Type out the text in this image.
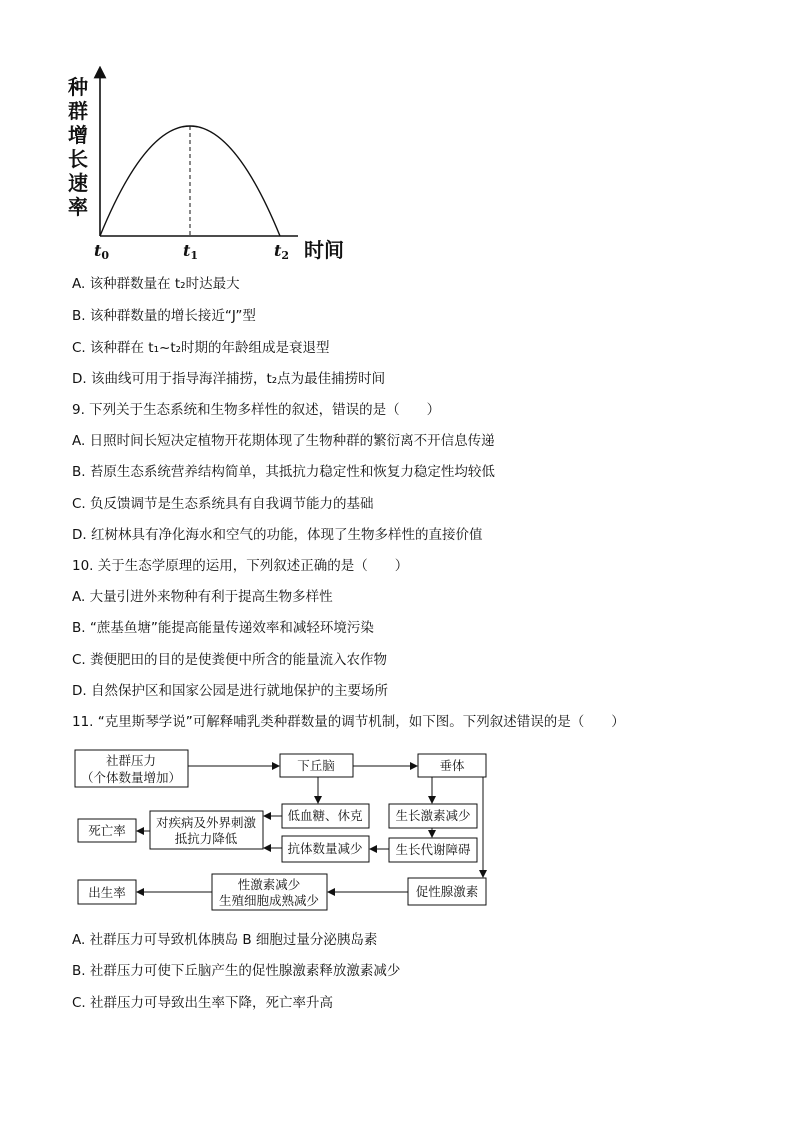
种
群
增
长
速
率
t0	t1	t2 时间
A. 该种群数量在 t₂时达最大
B. 该种群数量的增长接近“J”型
C. 该种群在 t₁~t₂时期的年龄组成是衰退型
D. 该曲线可用于指导海洋捕捞，t₂点为最佳捕捞时间
9. 下列关于生态系统和生物多样性的叙述，错误的是（　　）
A. 日照时间长短决定植物开花期体现了生物种群的繁衍离不开信息传递
B. 苔原生态系统营养结构简单，其抵抗力稳定性和恢复力稳定性均较低
C. 负反馈调节是生态系统具有自我调节能力的基础
D. 红树林具有净化海水和空气的功能，体现了生物多样性的直接价值
10. 关于生态学原理的运用，下列叙述正确的是（　　）
A. 大量引进外来物种有利于提高生物多样性
B. “蔗基鱼塘”能提高能量传递效率和减轻环境污染
C. 粪便肥田的目的是使粪便中所含的能量流入农作物
D. 自然保护区和国家公园是进行就地保护的主要场所
11. “克里斯琴学说”可解释哺乳类种群数量的调节机制，如下图。下列叙述错误的是（　　）
社群压力
（个体数量增加）
下丘脑	垂体
低血糖、休克	生长激素减少
对疾病及外界刺激
抵抗力降低
死亡率
抗体数量减少	生长代谢障碍
出生率
性激素减少
生殖细胞成熟减少
促性腺激素
A. 社群压力可导致机体胰岛 B 细胞过量分泌胰岛素
B. 社群压力可使下丘脑产生的促性腺激素释放激素减少
C. 社群压力可导致出生率下降，死亡率升高
